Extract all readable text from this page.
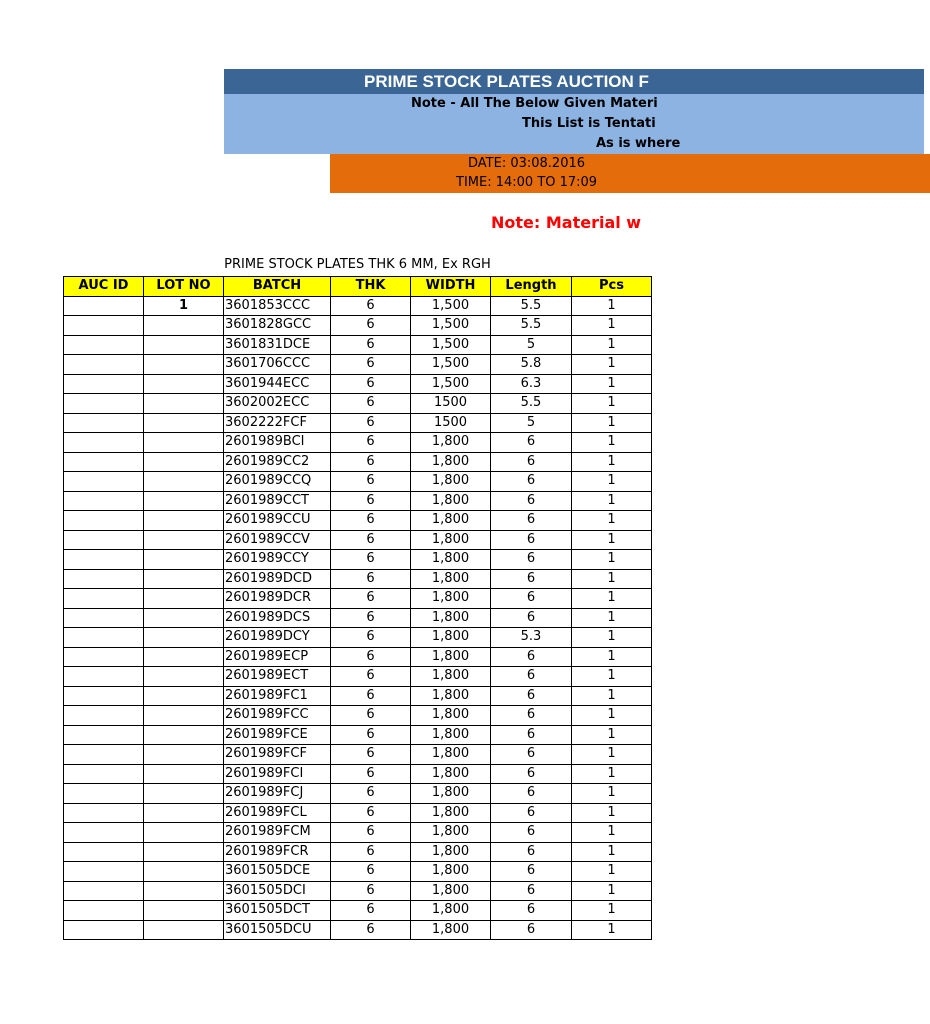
PRIME STOCK PLATES AUCTION F
Note - All The Below Given Materi
This List is Tentati
As is where
DATE: 03:08.2016
TIME: 14:00 TO 17:09
Note: Material w
PRIME STOCK PLATES THK 6 MM, Ex RGH
AUC ID	LOT NO	BATCH	THK	WIDTH	Length	Pcs
	1	3601853CCC	6	1,500	5.5	1
		3601828GCC	6	1,500	5.5	1
		3601831DCE	6	1,500	5	1
		3601706CCC	6	1,500	5.8	1
		3601944ECC	6	1,500	6.3	1
		3602002ECC	6	1500	5.5	1
		3602222FCF	6	1500	5	1
		2601989BCI	6	1,800	6	1
		2601989CC2	6	1,800	6	1
		2601989CCQ	6	1,800	6	1
		2601989CCT	6	1,800	6	1
		2601989CCU	6	1,800	6	1
		2601989CCV	6	1,800	6	1
		2601989CCY	6	1,800	6	1
		2601989DCD	6	1,800	6	1
		2601989DCR	6	1,800	6	1
		2601989DCS	6	1,800	6	1
		2601989DCY	6	1,800	5.3	1
		2601989ECP	6	1,800	6	1
		2601989ECT	6	1,800	6	1
		2601989FC1	6	1,800	6	1
		2601989FCC	6	1,800	6	1
		2601989FCE	6	1,800	6	1
		2601989FCF	6	1,800	6	1
		2601989FCI	6	1,800	6	1
		2601989FCJ	6	1,800	6	1
		2601989FCL	6	1,800	6	1
		2601989FCM	6	1,800	6	1
		2601989FCR	6	1,800	6	1
		3601505DCE	6	1,800	6	1
		3601505DCI	6	1,800	6	1
		3601505DCT	6	1,800	6	1
		3601505DCU	6	1,800	6	1
